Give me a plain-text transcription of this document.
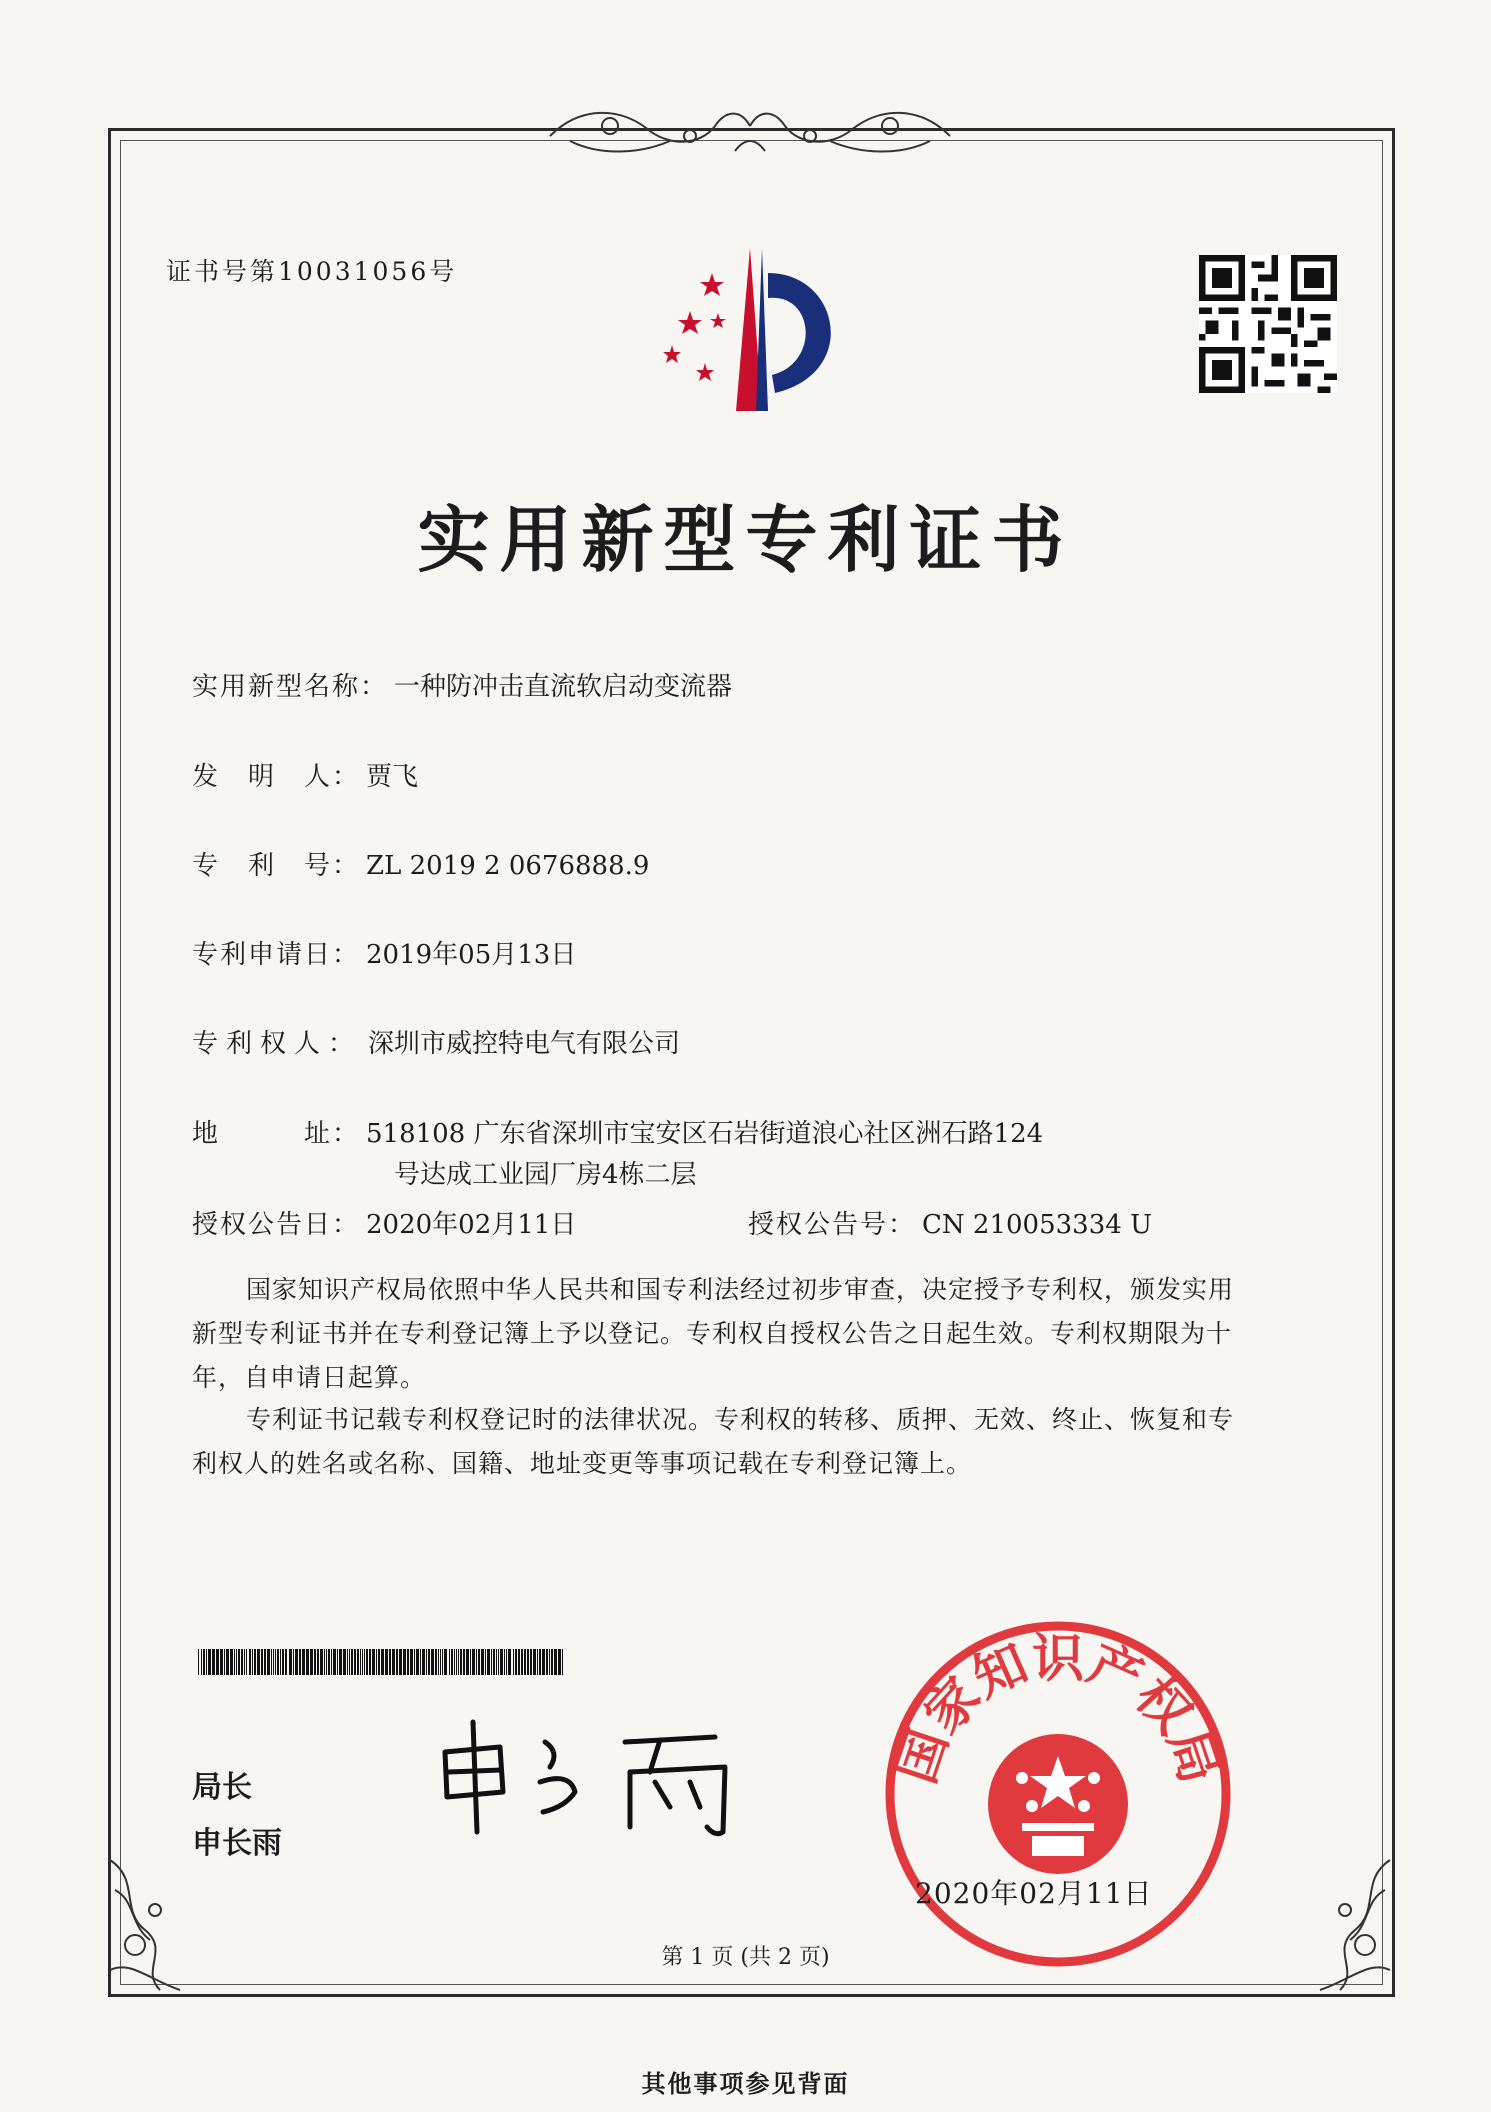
证书号第10031056号
实用新型专利证书
实用新型名称： 一种防冲击直流软启动变流器
发　明　人： 贾飞
专　利　号： ZL 2019 2 0676888.9
专利申请日： 2019年05月13日
专利权人： 深圳市威控特电气有限公司
地　　　址： 518108 广东省深圳市宝安区石岩街道浪心社区洲石路124
号达成工业园厂房4栋二层
授权公告日： 2020年02月11日	授权公告号： CN 210053334 U
国家知识产权局依照中华人民共和国专利法经过初步审查，决定授予专利权，颁发实用
新型专利证书并在专利登记簿上予以登记。专利权自授权公告之日起生效。专利权期限为十
年，自申请日起算。
专利证书记载专利权登记时的法律状况。专利权的转移、质押、无效、终止、恢复和专
利权人的姓名或名称、国籍、地址变更等事项记载在专利登记簿上。
局长
申长雨
国家知识产权局
2020年02月11日
第 1 页 (共 2 页)
其他事项参见背面
